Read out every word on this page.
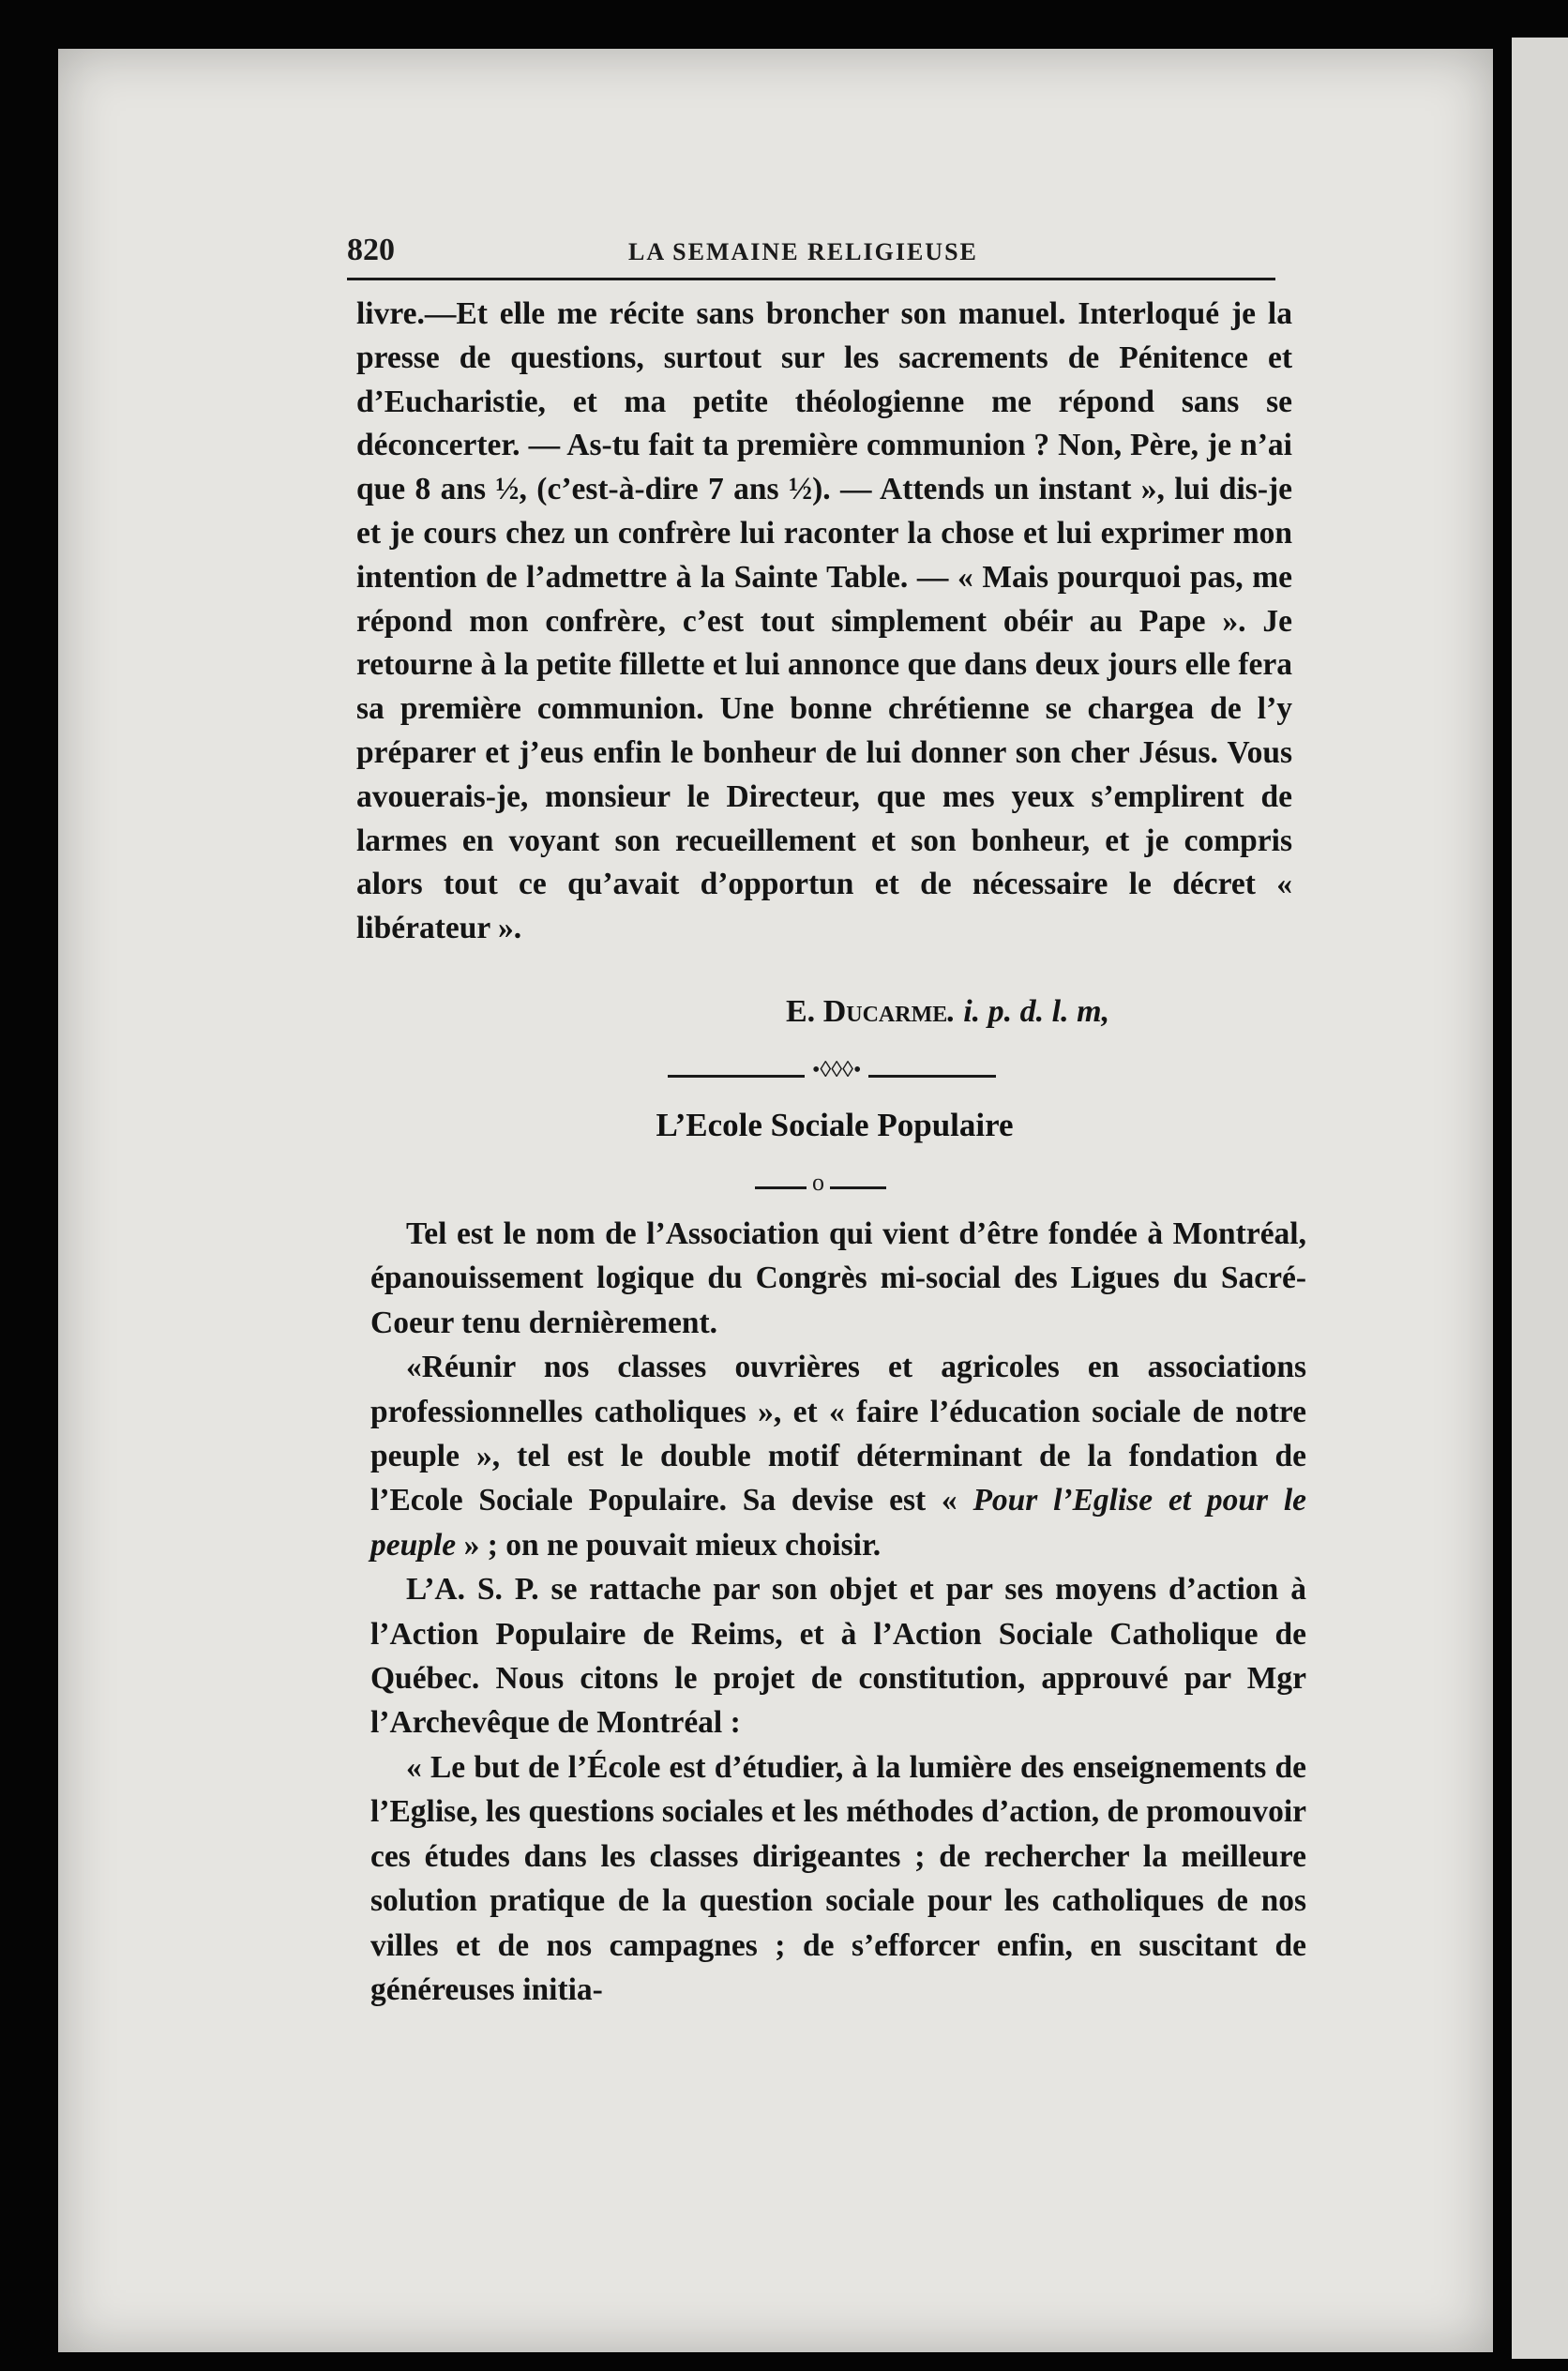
820	LA SEMAINE RELIGIEUSE

livre.—Et elle me récite sans broncher son manuel. Interloqué je la presse de questions, surtout sur les sacrements de Pénitence et d’Eucharistie, et ma petite théologienne me répond sans se déconcerter. — As-tu fait ta première communion ? Non, Père, je n’ai que 8 ans ½, (c’est-à-dire 7 ans ½). — Attends un instant », lui dis-je et je cours chez un confrère lui raconter la chose et lui exprimer mon intention de l’admettre à la Sainte Table. — « Mais pourquoi pas, me répond mon confrère, c’est tout simplement obéir au Pape ». Je retourne à la petite fillette et lui annonce que dans deux jours elle fera sa première communion. Une bonne chrétienne se chargea de l’y préparer et j’eus enfin le bonheur de lui donner son cher Jésus. Vous avouerais-je, monsieur le Directeur, que mes yeux s’emplirent de larmes en voyant son recueillement et son bonheur, et je compris alors tout ce qu’avait d’opportun et de nécessaire le décret « libérateur ».

E. Ducarme. i. p. d. l. m,
•◊◊◊•
L’Ecole Sociale Populaire
o

Tel est le nom de l’Association qui vient d’être fondée à Montréal, épanouissement logique du Congrès mi-social des Ligues du Sacré-Coeur tenu dernièrement.

«Réunir nos classes ouvrières et agricoles en associations professionnelles catholiques », et « faire l’éducation sociale de notre peuple », tel est le double motif déterminant de la fondation de l’Ecole Sociale Populaire. Sa devise est « Pour l’Eglise et pour le peuple » ; on ne pouvait mieux choisir.

L’A. S. P. se rattache par son objet et par ses moyens d’action à l’Action Populaire de Reims, et à l’Action Sociale Catholique de Québec. Nous citons le projet de constitution, approuvé par Mgr l’Archevêque de Montréal :

« Le but de l’École est d’étudier, à la lumière des enseignements de l’Eglise, les questions sociales et les méthodes d’action, de promouvoir ces études dans les classes dirigeantes ; de rechercher la meilleure solution pratique de la question sociale pour les catholiques de nos villes et de nos campagnes ; de s’efforcer enfin, en suscitant de généreuses initia-
